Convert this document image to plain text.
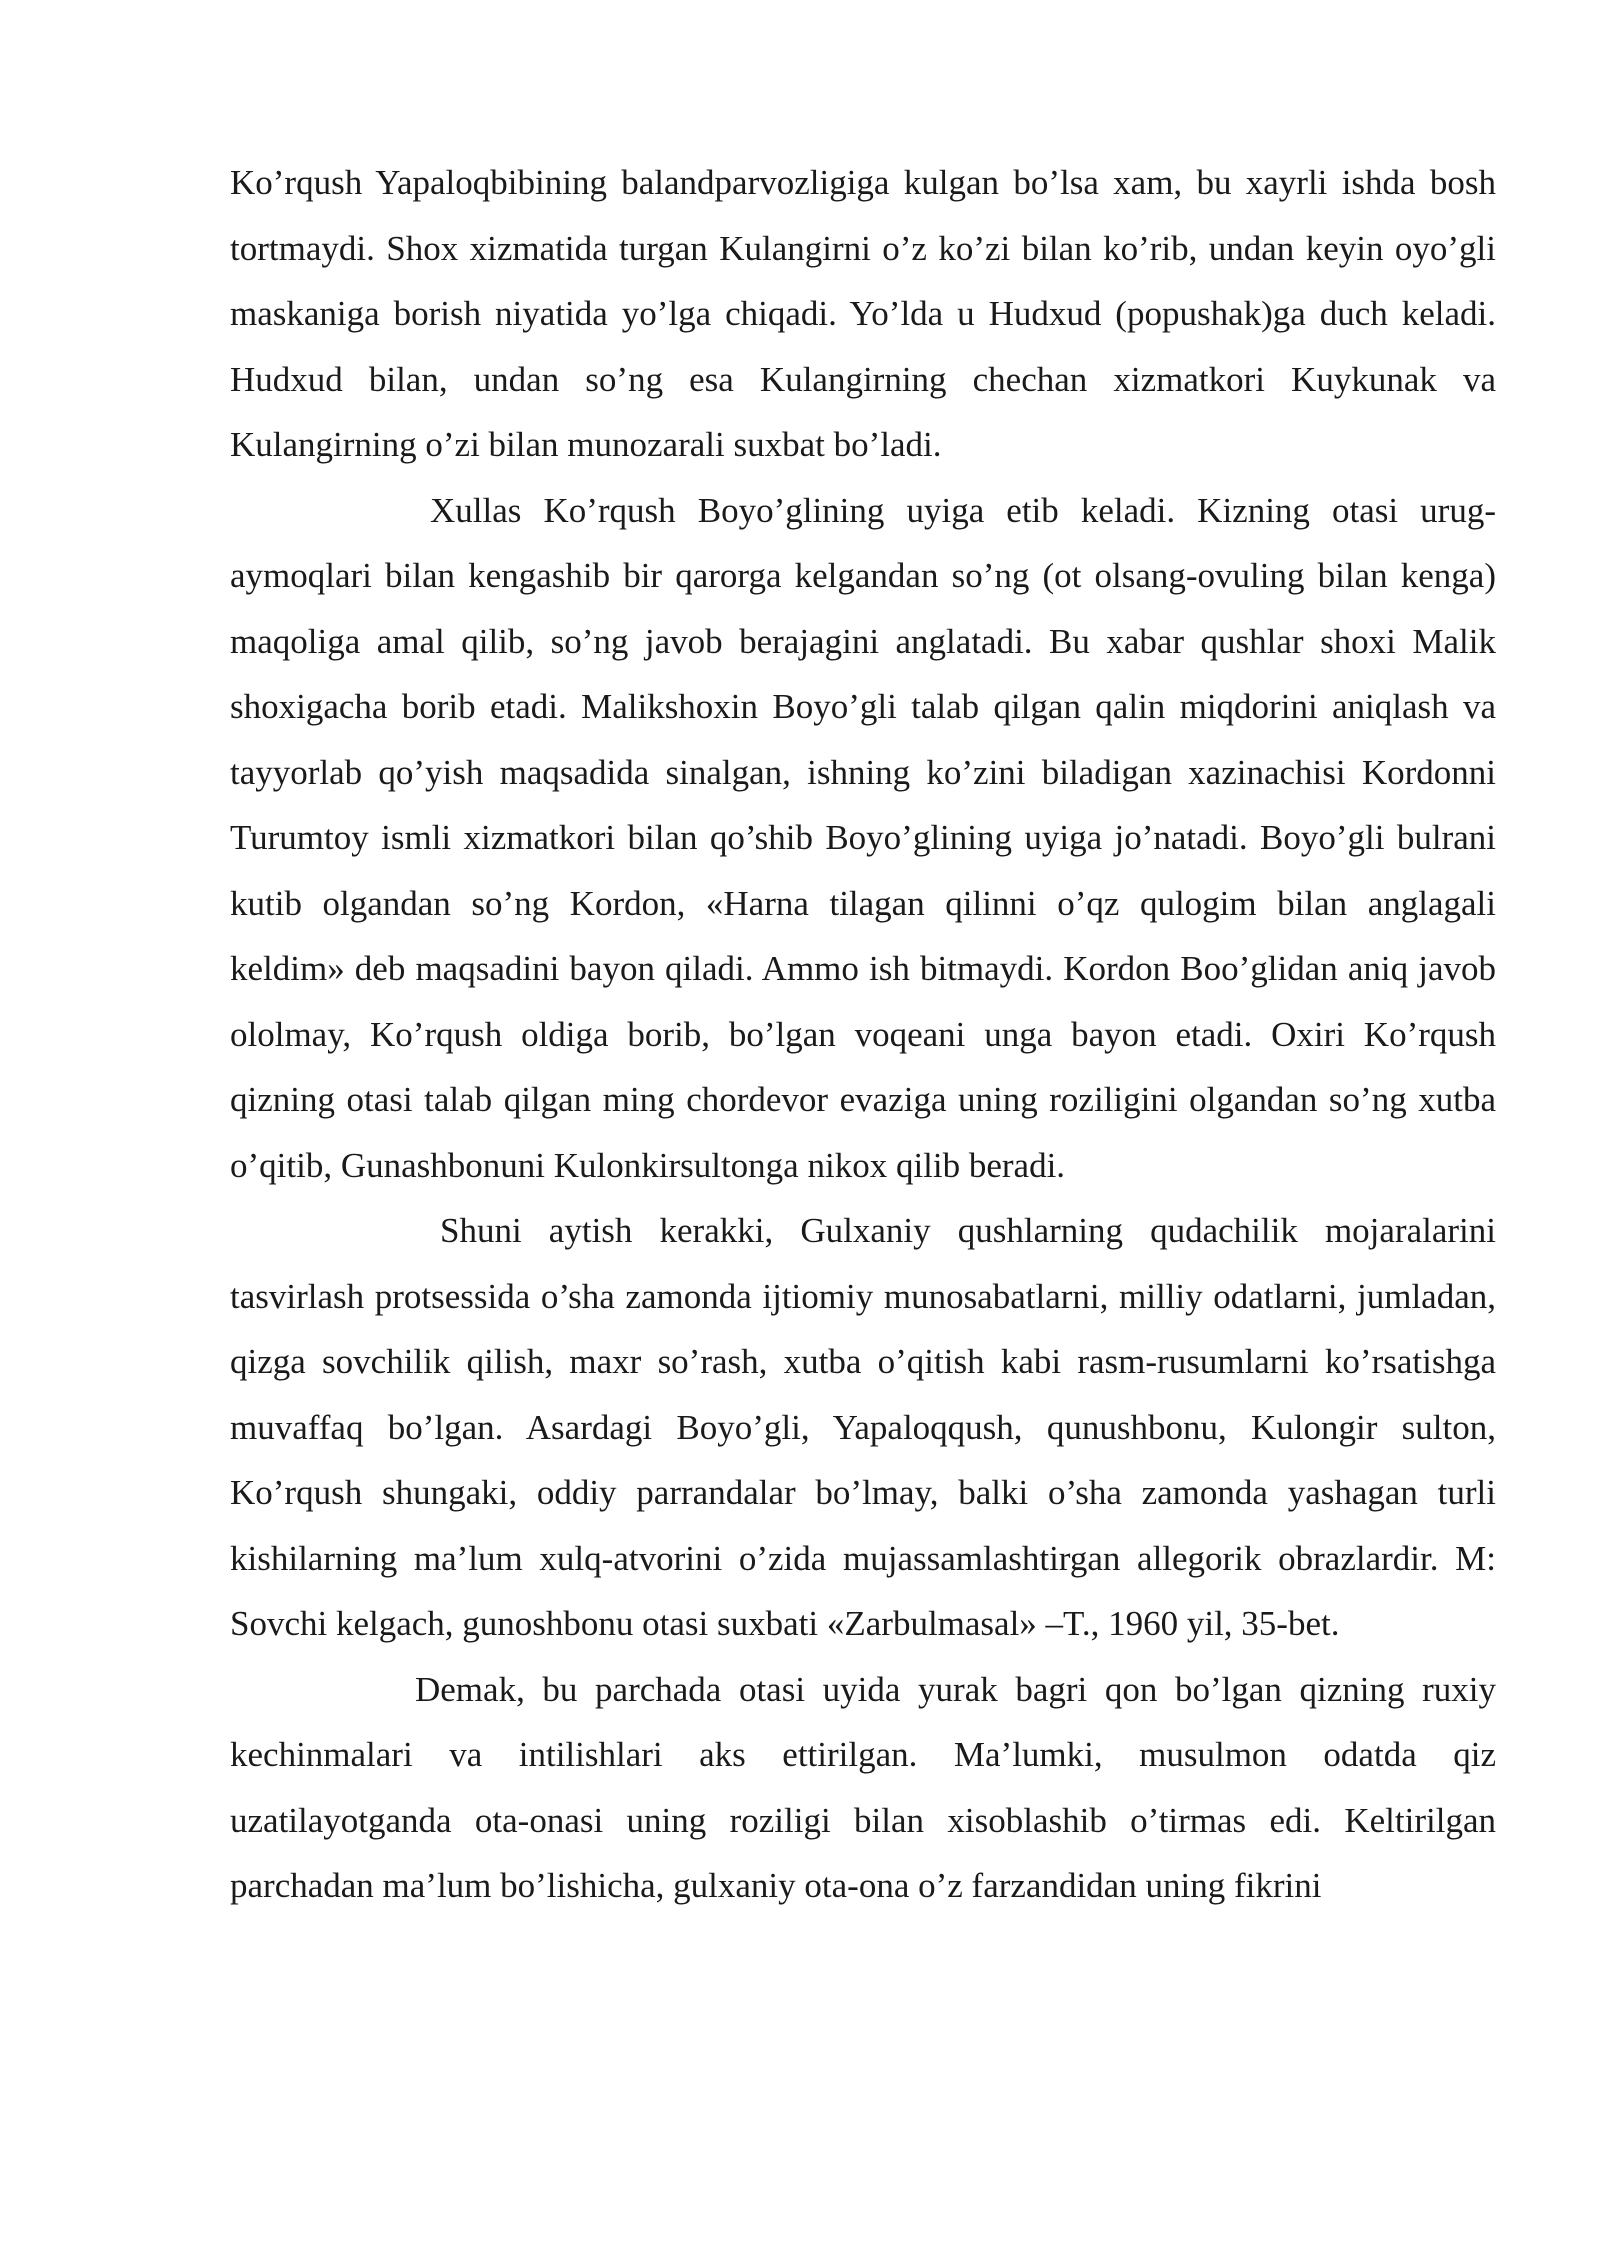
Ko’rqush Yapaloqbibining balandparvozligiga kulgan bo’lsa xam, bu xayrli ishda bosh tortmaydi. Shox xizmatida turgan Kulangirni o’z ko’zi bilan ko’rib, undan keyin oyo’gli maskaniga borish niyatida yo’lga chiqadi. Yo’lda u Hudxud (popushak)ga duch keladi. Hudxud bilan, undan so’ng esa Kulangirning chechan xizmatkori Kuykunak va Kulangirning o’zi bilan munozarali suxbat bo’ladi.

Xullas Ko’rqush Boyo’glining uyiga etib keladi. Kizning otasi urug-aymoqlari bilan kengashib bir qarorga kelgandan so’ng (ot olsang-ovuling bilan kenga) maqoliga amal qilib, so’ng javob berajagini anglatadi. Bu xabar qushlar shoxi Malik shoxigacha borib etadi. Malikshoxin Boyo’gli talab qilgan qalin miqdorini aniqlash va tayyorlab qo’yish maqsadida sinalgan, ishning ko’zini biladigan xazinachisi Kordonni Turumtoy ismli xizmatkori bilan qo’shib Boyo’glining uyiga jo’natadi. Boyo’gli bulrani kutib olgandan so’ng Kordon, «Harna tilagan qilinni o’qz qulogim bilan anglagali keldim» deb maqsadini bayon qiladi. Ammo ish bitmaydi. Kordon Boo’glidan aniq javob ololmay, Ko’rqush oldiga borib, bo’lgan voqeani unga bayon etadi. Oxiri Ko’rqush qizning otasi talab qilgan ming chordevor evaziga uning roziligini olgandan so’ng xutba o’qitib, Gunashbonuni Kulonkirsultonga nikox qilib beradi.

Shuni aytish kerakki, Gulxaniy qushlarning qudachilik mojaralarini tasvirlash protsessida o’sha zamonda ijtiomiy munosabatlarni, milliy odatlarni, jumladan, qizga sovchilik qilish, maxr so’rash, xutba o’qitish kabi rasm-rusumlarni ko’rsatishga muvaffaq bo’lgan. Asardagi Boyo’gli, Yapaloqqush, qunushbonu, Kulongir sulton, Ko’rqush shungaki, oddiy parrandalar bo’lmay, balki o’sha zamonda yashagan turli kishilarning ma’lum xulq-atvorini o’zida mujassamlashtirgan allegorik obrazlardir. M: Sovchi kelgach, gunoshbonu otasi suxbati «Zarbulmasal» –T., 1960 yil, 35-bet.

Demak, bu parchada otasi uyida yurak bagri qon bo’lgan qizning ruxiy kechinmalari va intilishlari aks ettirilgan. Ma’lumki, musulmon odatda qiz uzatilayotganda ota-onasi uning roziligi bilan xisoblashib o’tirmas edi. Keltirilgan parchadan ma’lum bo’lishicha, gulxaniy ota-ona o’z farzandidan uning fikrini
